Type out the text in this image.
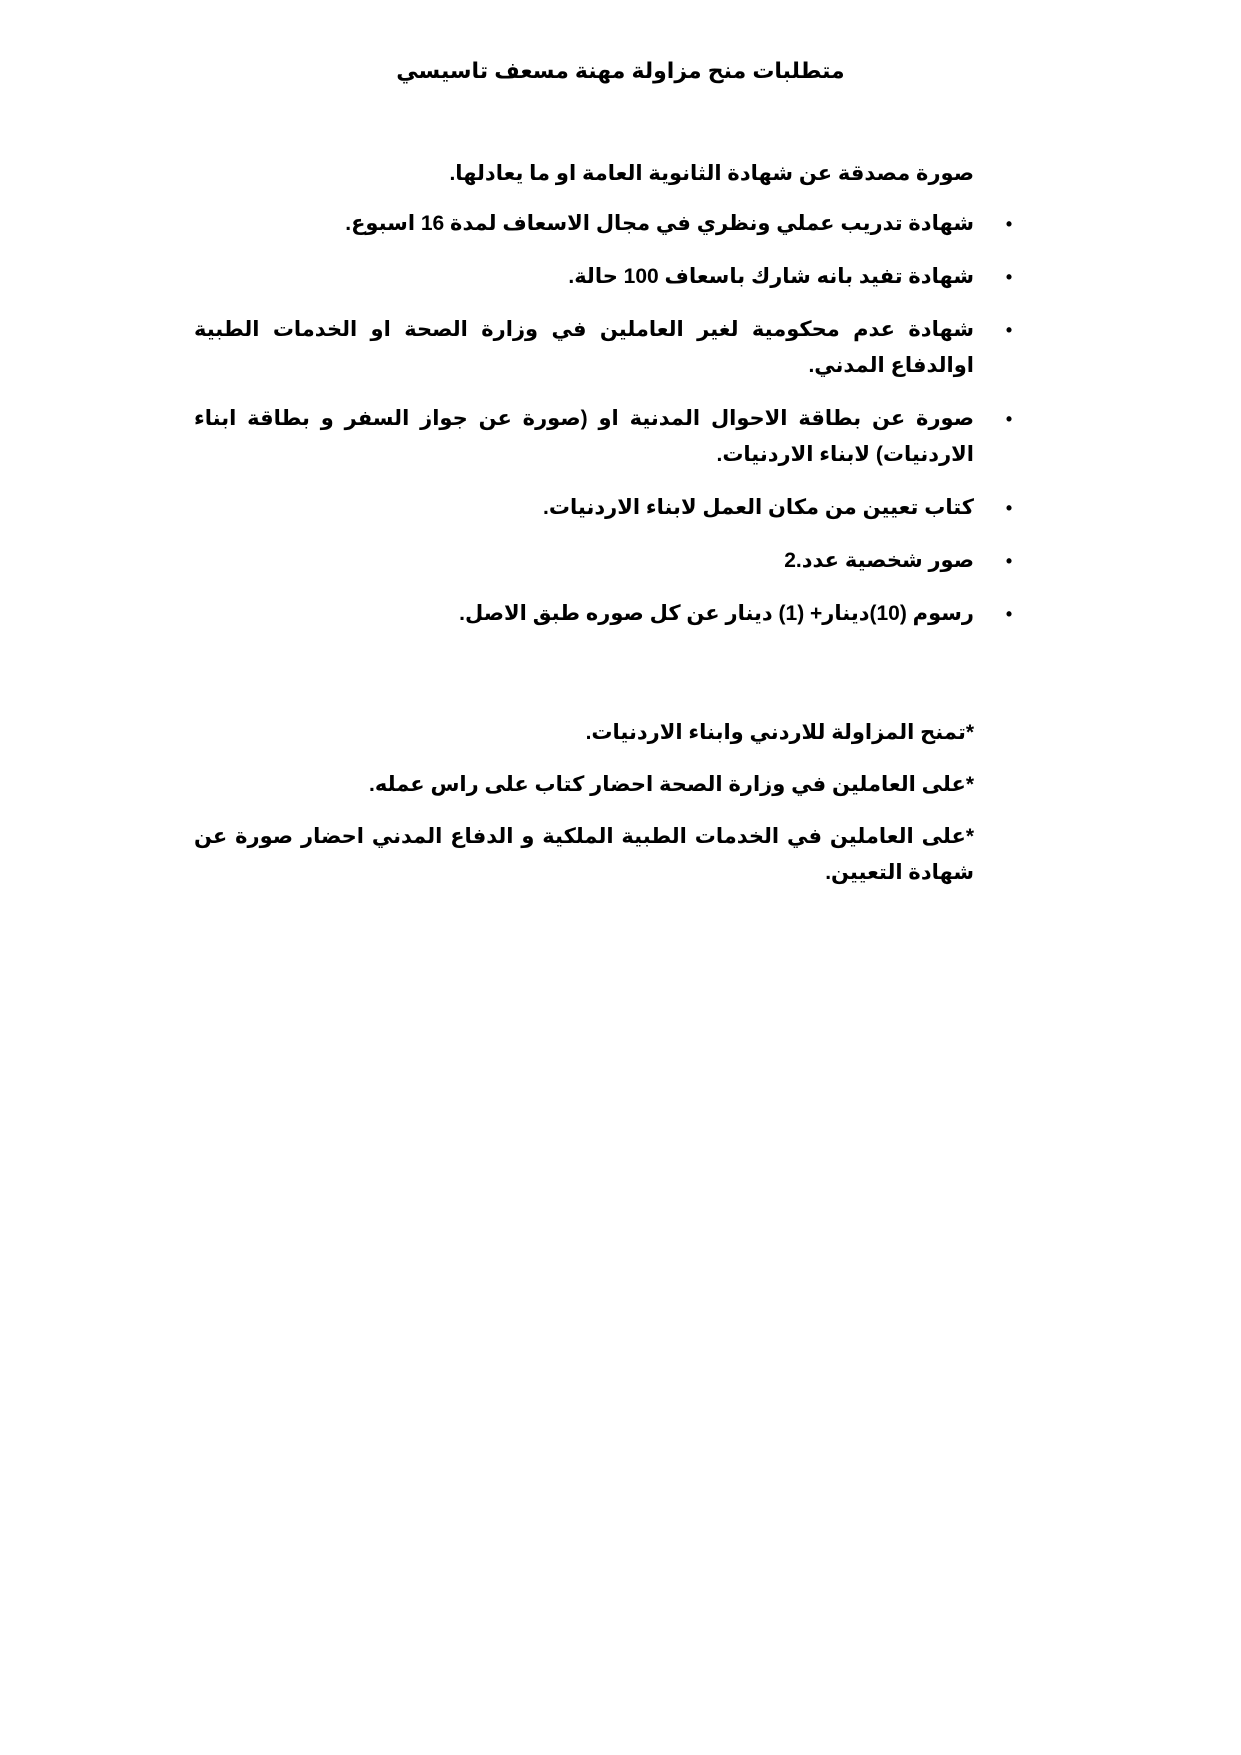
متطلبات منح مزاولة مهنة مسعف تاسيسي

صورة مصدقة عن شهادة الثانوية العامة او ما يعادلها.

•
شهادة تدريب عملي ونظري في مجال الاسعاف لمدة 16 اسبوع.
•
شهادة تفيد بانه شارك باسعاف 100 حالة.
•
شهادة عدم محكومية لغير العاملين في وزارة الصحة او الخدمات الطبية اوالدفاع المدني.
•
صورة عن بطاقة الاحوال المدنية او (صورة عن جواز السفر و بطاقة ابناء الاردنيات) لابناء الاردنيات.
•
كتاب تعيين من مكان العمل لابناء الاردنيات.
•
صور شخصية عدد.2
•
رسوم (10)دينار+ (1) دينار عن كل صوره طبق الاصل.

*تمنح المزاولة للاردني وابناء الاردنيات.

*على العاملين في وزارة الصحة احضار كتاب على راس عمله.

*على العاملين في الخدمات الطبية الملكية و الدفاع المدني احضار صورة عن شهادة التعيين.
